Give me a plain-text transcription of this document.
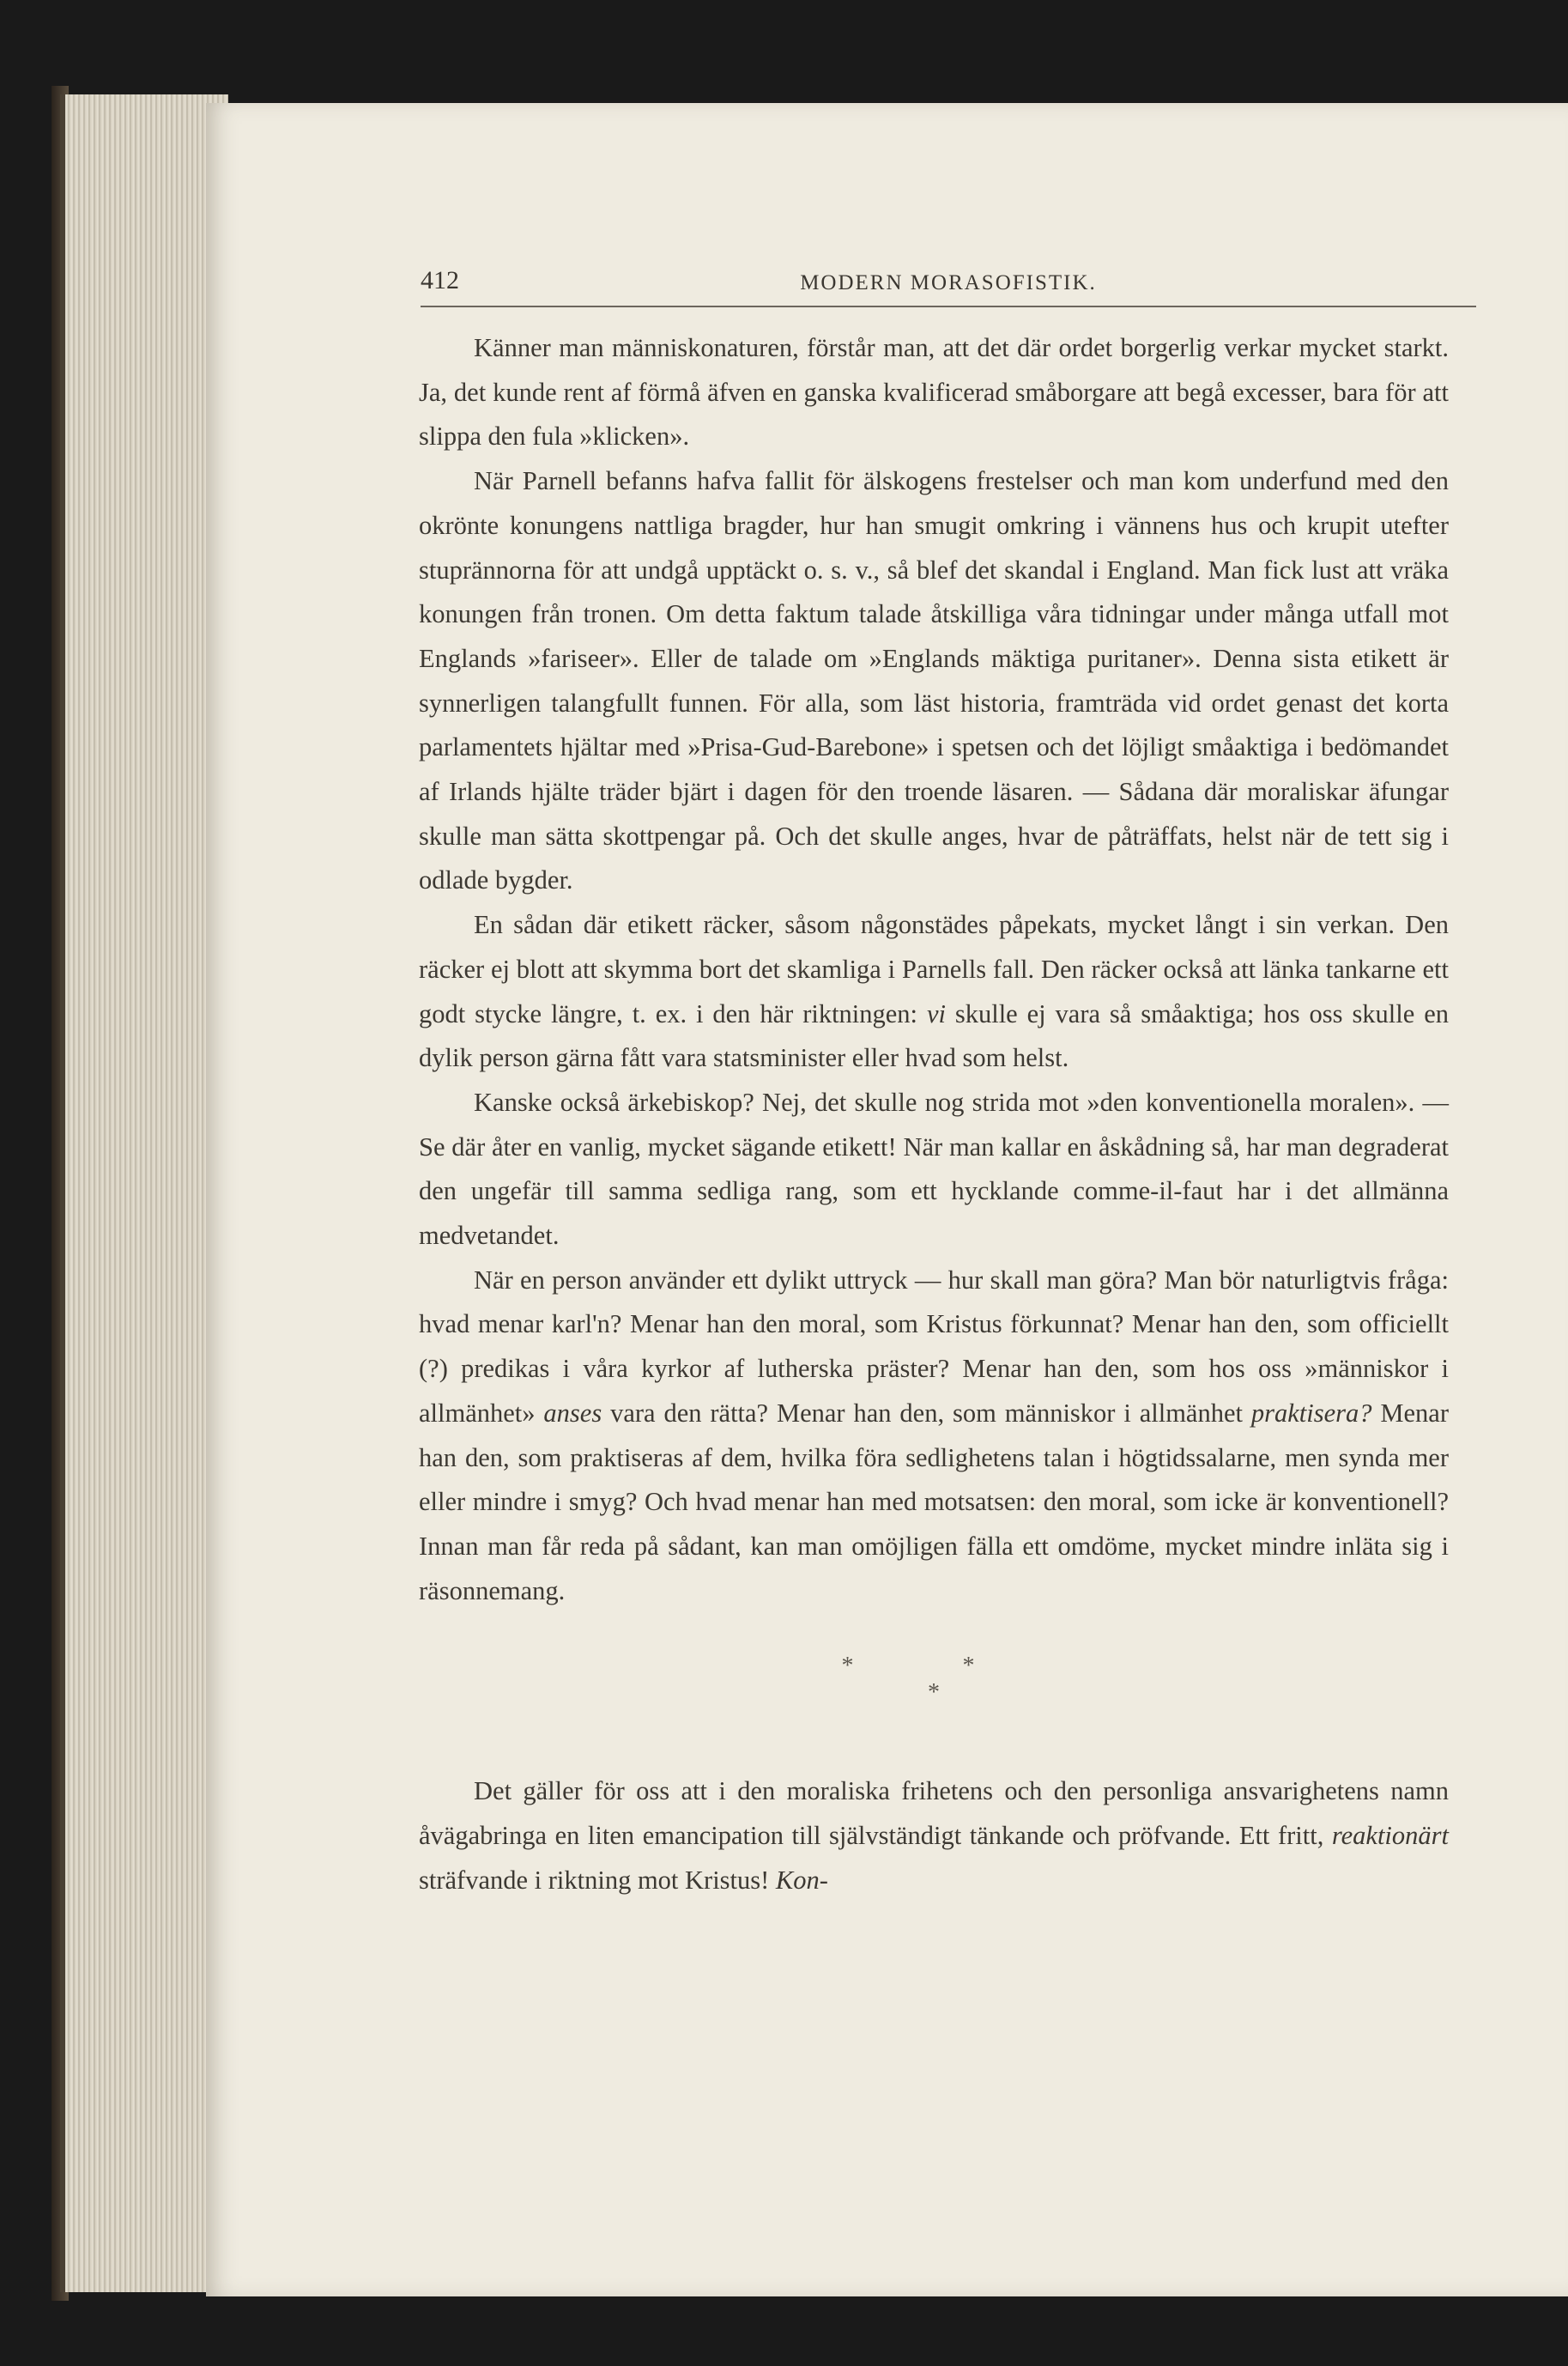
412	MODERN MORASOFISTIK.

Känner man människonaturen, förstår man, att det där ordet borgerlig verkar mycket starkt. Ja, det kunde rent af förmå äfven en ganska kvalificerad småborgare att begå excesser, bara för att slippa den fula »klicken».

När Parnell befanns hafva fallit för älskogens frestelser och man kom underfund med den okrönte konungens nattliga bragder, hur han smugit omkring i vännens hus och krupit utefter stuprännorna för att undgå upptäckt o. s. v., så blef det skandal i England. Man fick lust att vräka konungen från tronen. Om detta faktum talade åtskilliga våra tidningar under många utfall mot Englands »fariseer». Eller de talade om »Englands mäktiga puritaner». Denna sista etikett är synnerligen talangfullt funnen. För alla, som läst historia, framträda vid ordet genast det korta parlamentets hjältar med »Prisa-Gud-Barebone» i spetsen och det löjligt småaktiga i bedömandet af Irlands hjälte träder bjärt i dagen för den troende läsaren. — Sådana där moraliskar äfungar skulle man sätta skottpengar på. Och det skulle anges, hvar de påträffats, helst när de tett sig i odlade bygder.

En sådan där etikett räcker, såsom någonstädes påpekats, mycket långt i sin verkan. Den räcker ej blott att skymma bort det skamliga i Parnells fall. Den räcker också att länka tankarne ett godt stycke längre, t. ex. i den här riktningen: vi skulle ej vara så småaktiga; hos oss skulle en dylik person gärna fått vara statsminister eller hvad som helst.

Kanske också ärkebiskop? Nej, det skulle nog strida mot »den konventionella moralen». — Se där åter en vanlig, mycket sägande etikett! När man kallar en åskådning så, har man degraderat den ungefär till samma sedliga rang, som ett hycklande comme-il-faut har i det allmänna medvetandet.

När en person använder ett dylikt uttryck — hur skall man göra? Man bör naturligtvis fråga: hvad menar karl'n? Menar han den moral, som Kristus förkunnat? Menar han den, som officiellt (?) predikas i våra kyrkor af lutherska präster? Menar han den, som hos oss »människor i allmänhet» anses vara den rätta? Menar han den, som människor i allmänhet praktisera? Menar han den, som praktiseras af dem, hvilka föra sedlighetens talan i högtidssalarne, men synda mer eller mindre i smyg? Och hvad menar han med motsatsen: den moral, som icke är konventionell? Innan man får reda på sådant, kan man omöjligen fälla ett omdöme, mycket mindre inläta sig i räsonnemang.

* *
*

Det gäller för oss att i den moraliska frihetens och den personliga ansvarighetens namn åvägabringa en liten emancipation till självständigt tänkande och pröfvande. Ett fritt, reaktionärt sträfvande i riktning mot Kristus! Kon-
